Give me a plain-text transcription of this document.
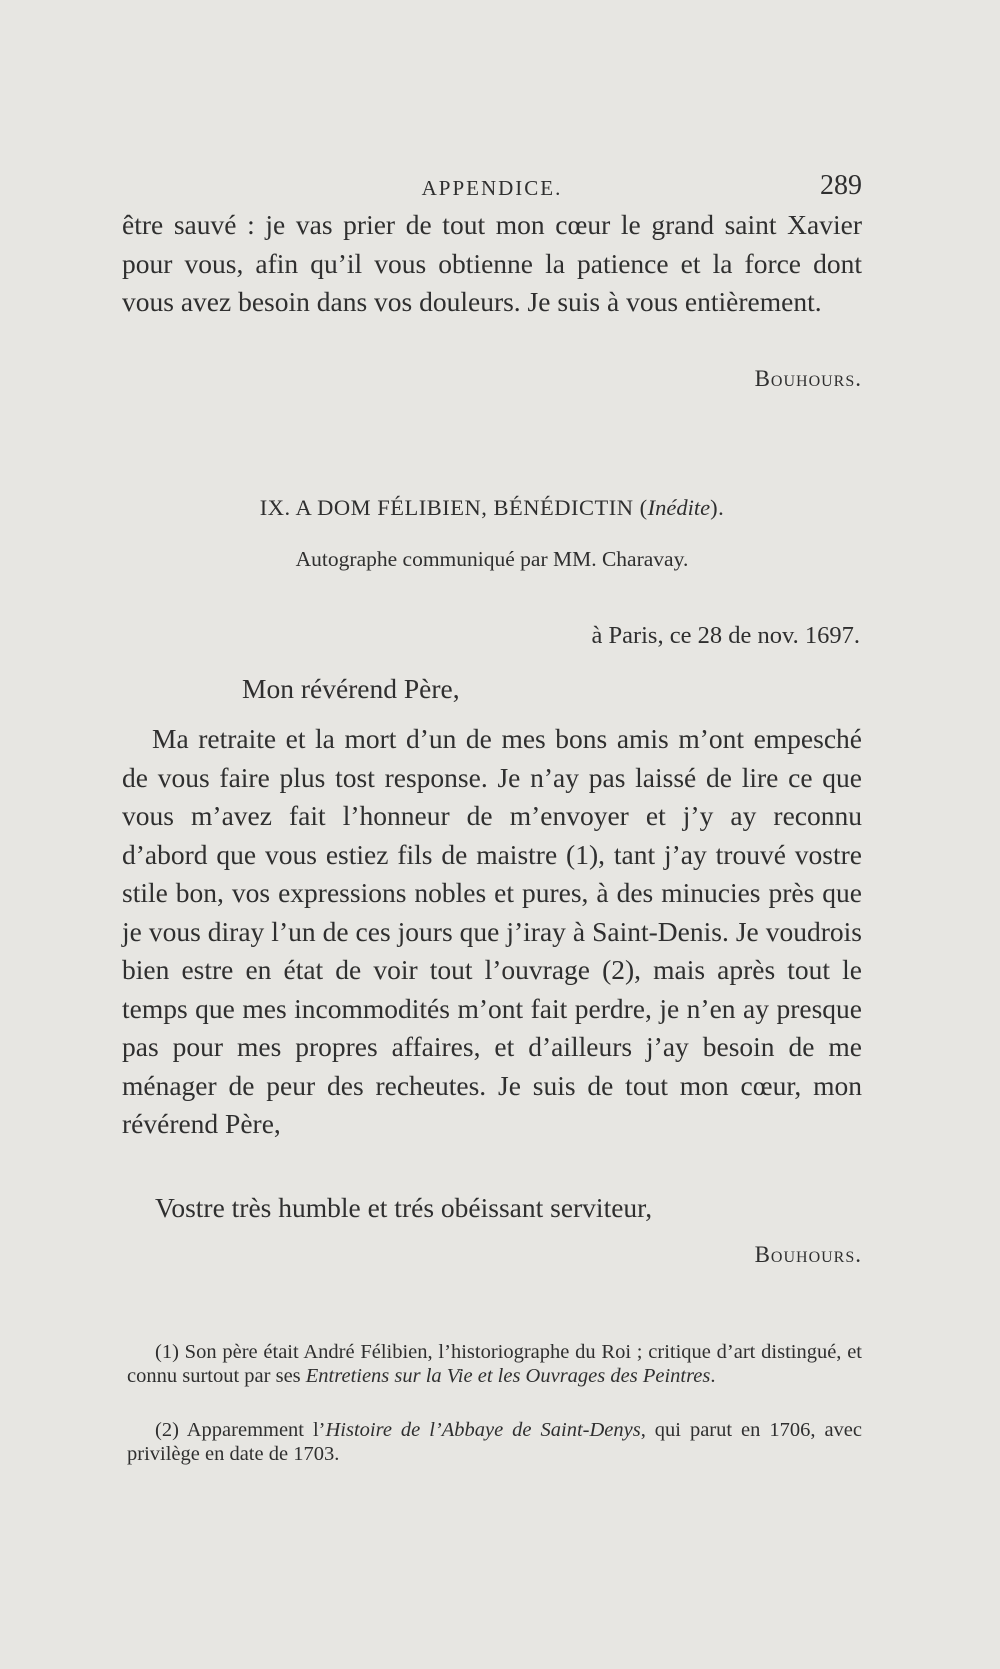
APPENDICE.	289

être sauvé : je vas prier de tout mon cœur le grand saint Xavier pour vous, afin qu’il vous obtienne la patience et la force dont vous avez besoin dans vos douleurs. Je suis à vous entièrement.

Bouhours.
IX. A DOM FÉLIBIEN, BÉNÉDICTIN (Inédite).
Autographe communiqué par MM. Charavay.
à Paris, ce 28 de nov. 1697.
Mon révérend Père,

Ma retraite et la mort d’un de mes bons amis m’ont empesché de vous faire plus tost response. Je n’ay pas laissé de lire ce que vous m’avez fait l’honneur de m’envoyer et j’y ay reconnu d’abord que vous estiez fils de maistre (1), tant j’ay trouvé vostre stile bon, vos expressions nobles et pures, à des minucies près que je vous diray l’un de ces jours que j’iray à Saint-Denis. Je voudrois bien estre en état de voir tout l’ouvrage (2), mais après tout le temps que mes incommodités m’ont fait perdre, je n’en ay presque pas pour mes propres affaires, et d’ailleurs j’ay besoin de me ménager de peur des recheutes. Je suis de tout mon cœur, mon révérend Père,

Vostre très humble et trés obéissant serviteur,
Bouhours.

(1) Son père était André Félibien, l’historiographe du Roi ; critique d’art distingué, et connu surtout par ses Entretiens sur la Vie et les Ouvrages des Peintres.

(2) Apparemment l’Histoire de l’Abbaye de Saint-Denys, qui parut en 1706, avec privilège en date de 1703.
